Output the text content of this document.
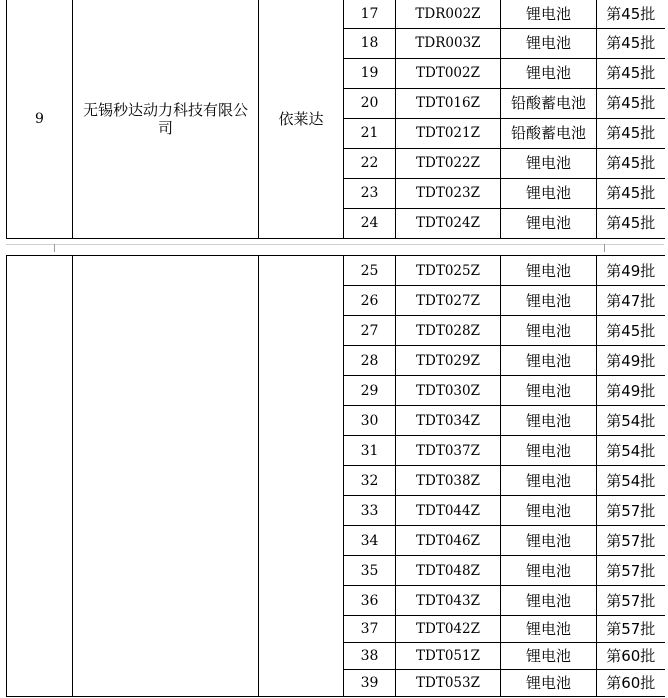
9	无锡秒达动力科技有限公司	依莱达	17	TDR002Z	锂电池	第45批
			18	TDR003Z	锂电池	第45批
			19	TDT002Z	锂电池	第45批
			20	TDT016Z	铅酸蓄电池	第45批
			21	TDT021Z	铅酸蓄电池	第45批
			22	TDT022Z	锂电池	第45批
			23	TDT023Z	锂电池	第45批
			24	TDT024Z	锂电池	第45批
			25	TDT025Z	锂电池	第49批
			26	TDT027Z	锂电池	第47批
			27	TDT028Z	锂电池	第45批
			28	TDT029Z	锂电池	第49批
			29	TDT030Z	锂电池	第49批
			30	TDT034Z	锂电池	第54批
			31	TDT037Z	锂电池	第54批
			32	TDT038Z	锂电池	第54批
			33	TDT044Z	锂电池	第57批
			34	TDT046Z	锂电池	第57批
			35	TDT048Z	锂电池	第57批
			36	TDT043Z	锂电池	第57批
			37	TDT042Z	锂电池	第57批
			38	TDT051Z	锂电池	第60批
			39	TDT053Z	锂电池	第60批
